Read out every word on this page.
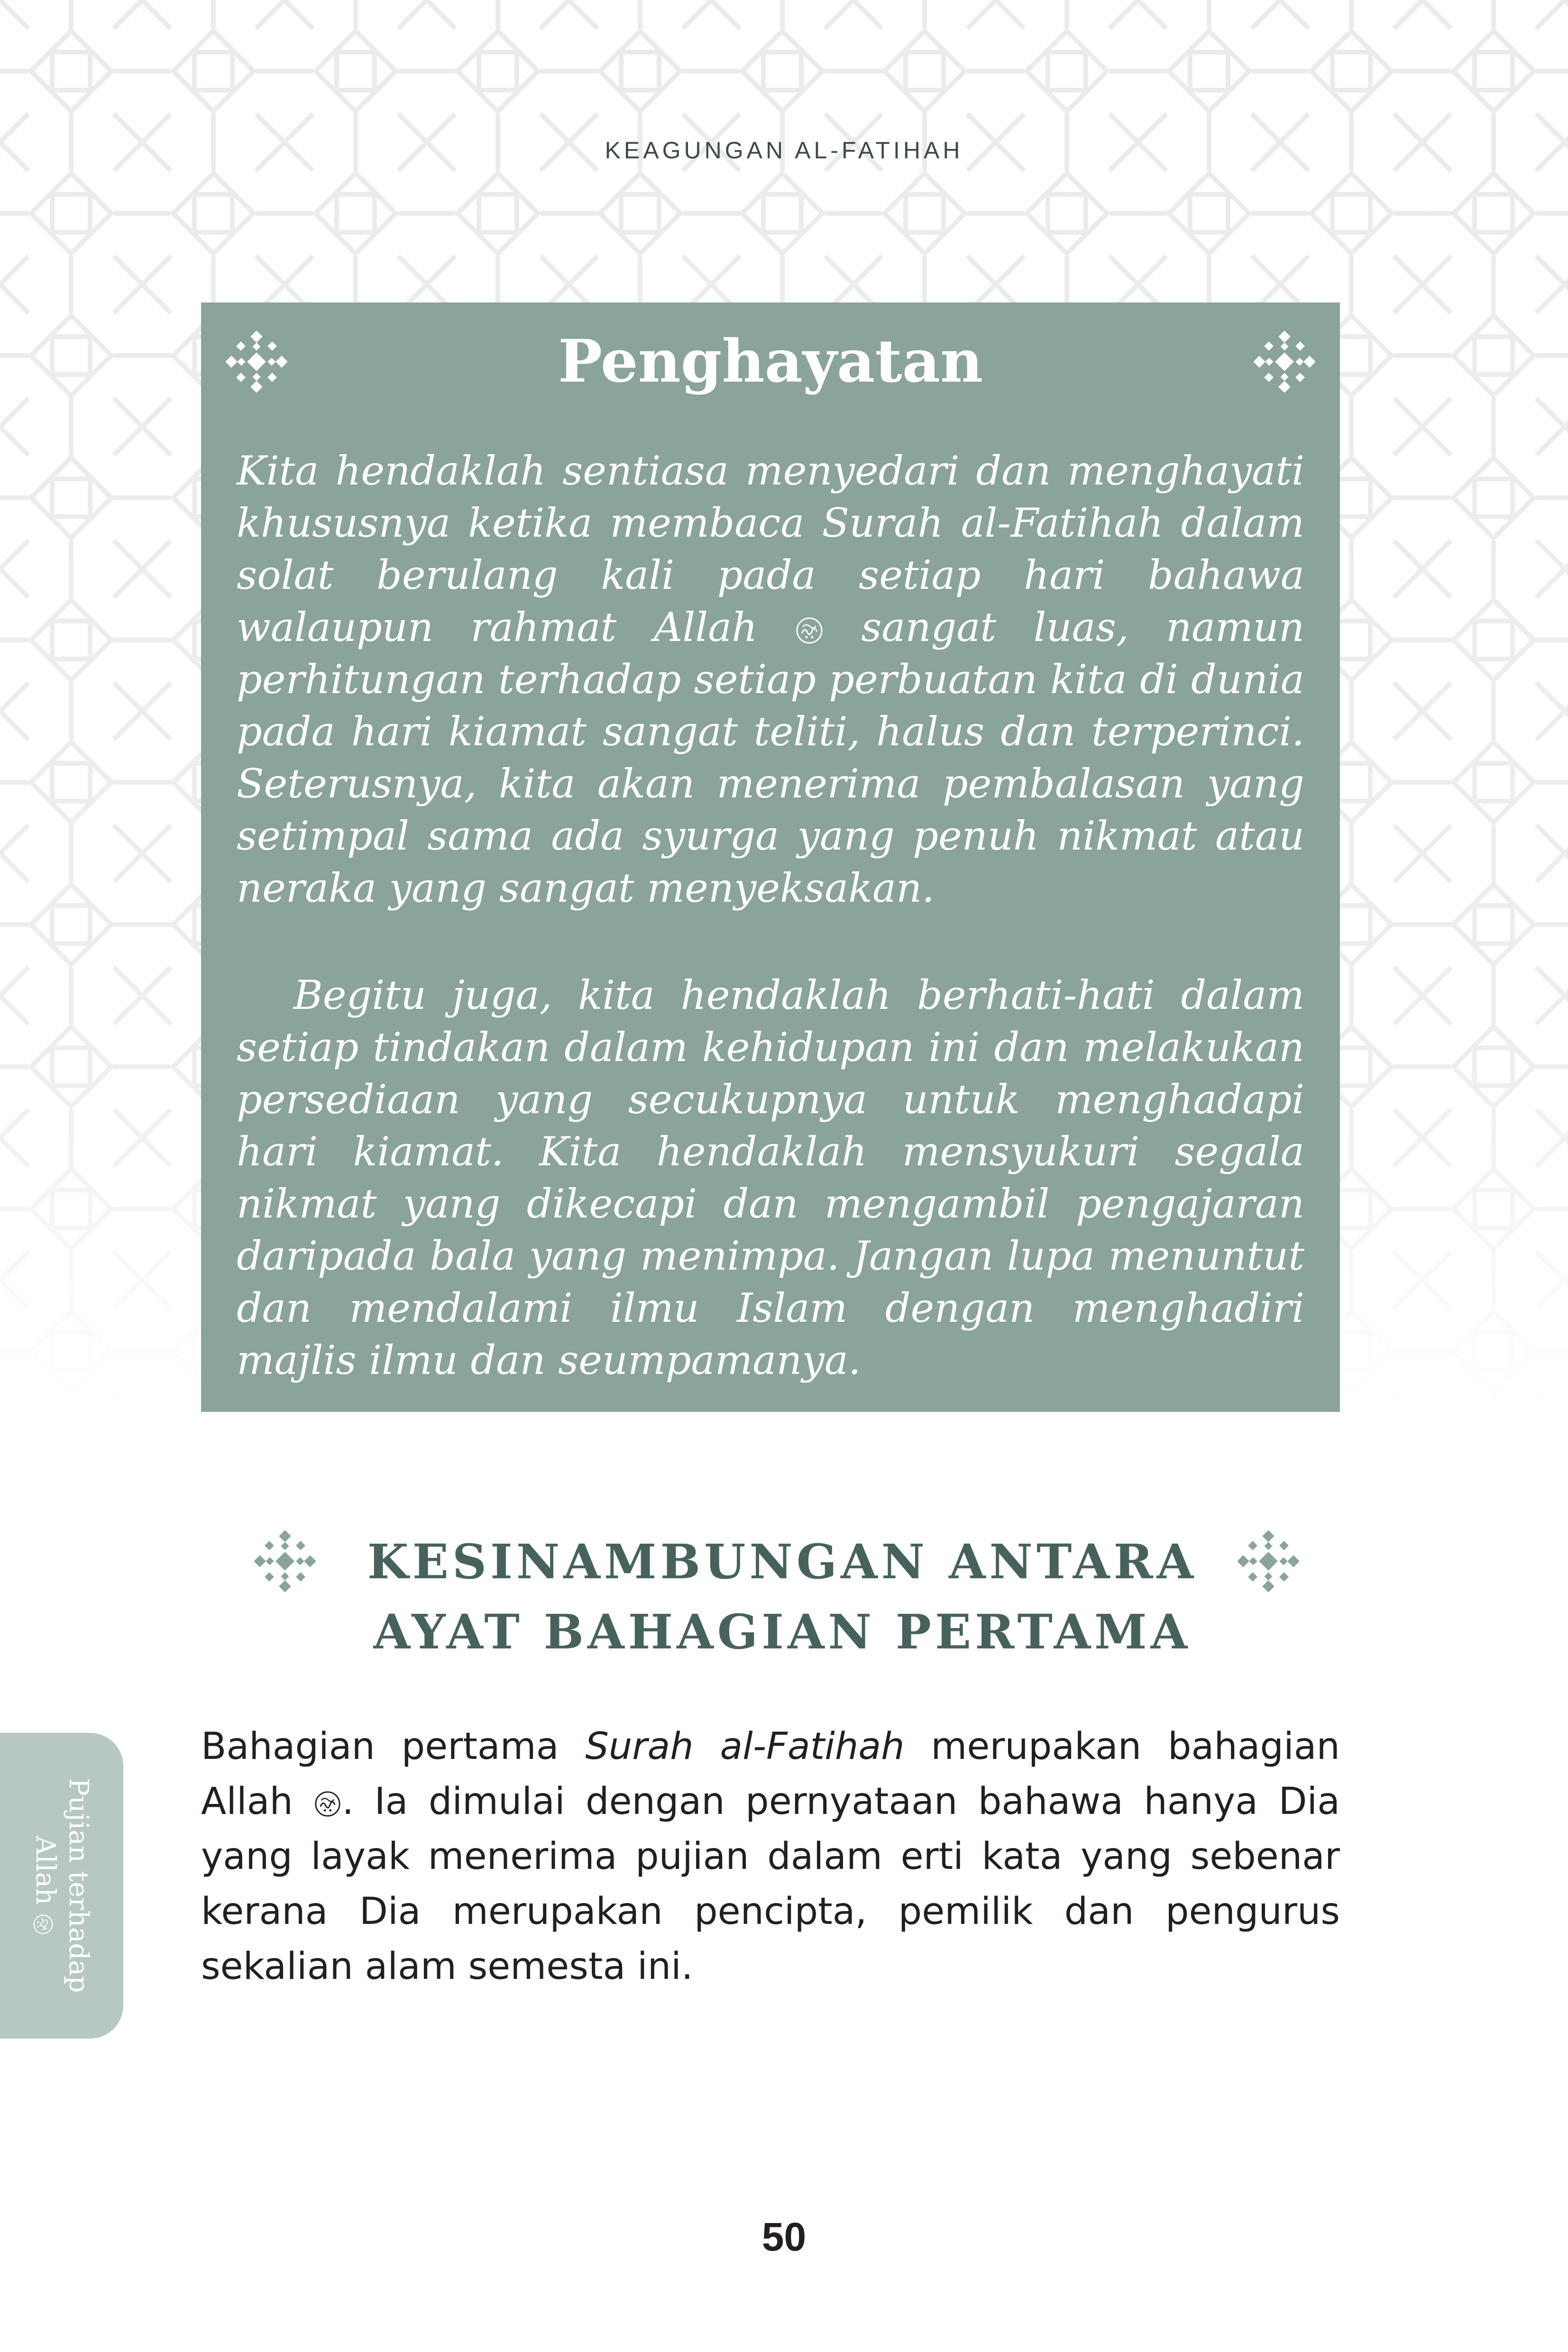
KEAGUNGAN AL-FATIHAH
Penghayatan

Kita hendaklah sentiasa menyedari dan menghayati khususnya ketika membaca Surah al-Fatihah dalam solat berulang kali pada setiap hari bahawa walaupun rahmat Allah  sangat luas, namun perhitungan terhadap setiap perbuatan kita di dunia pada hari kiamat sangat teliti, halus dan terperinci. Seterusnya, kita akan menerima pembalasan yang setimpal sama ada syurga yang penuh nikmat atau neraka yang sangat menyeksakan.

Begitu juga, kita hendaklah berhati-hati dalam setiap tindakan dalam kehidupan ini dan melakukan persediaan yang secukupnya untuk menghadapi hari kiamat. Kita hendaklah mensyukuri segala nikmat yang dikecapi dan mengambil pengajaran daripada bala yang menimpa. Jangan lupa menuntut dan mendalami ilmu Islam dengan menghadiri majlis ilmu dan seumpamanya.

KESINAMBUNGAN ANTARA
AYAT BAHAGIAN PERTAMA

Bahagian pertama Surah al-Fatihah merupakan bahagian Allah . Ia dimulai dengan pernyataan bahawa hanya Dia yang layak menerima pujian dalam erti kata yang sebenar kerana Dia merupakan pencipta, pemilik dan pengurus sekalian alam semesta ini.

Pujian terhadap
Allah
50
